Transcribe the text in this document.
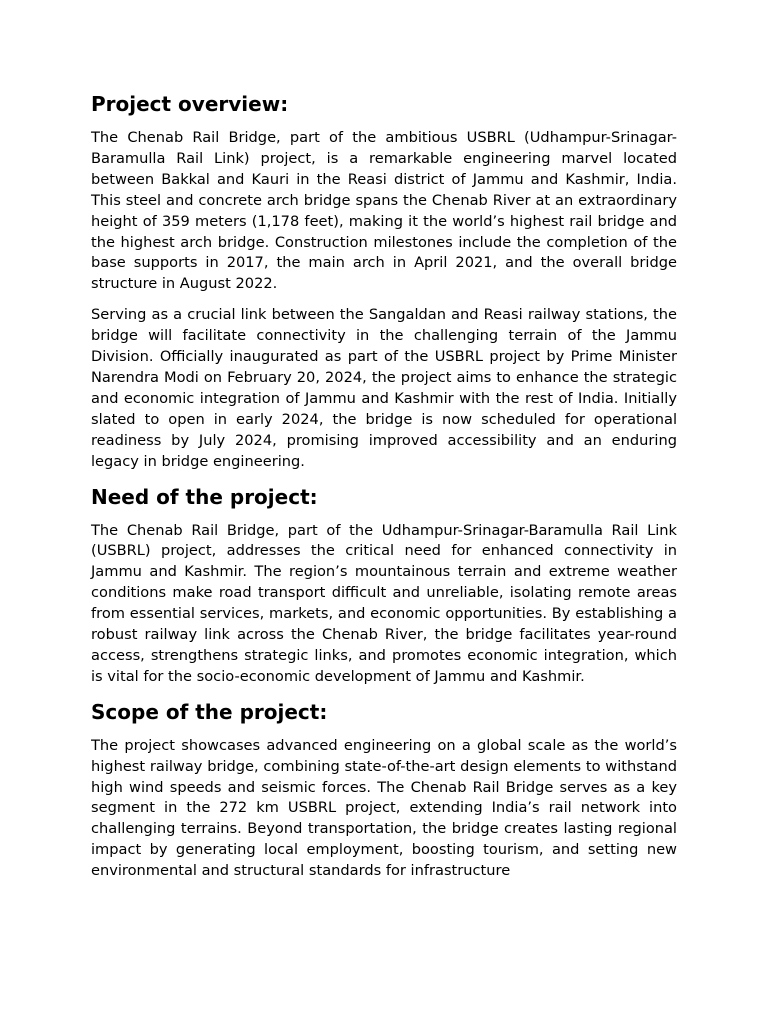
Project overview:

The Chenab Rail Bridge, part of the ambitious USBRL (Udhampur-Srinagar-Baramulla Rail Link) project, is a remarkable engineering marvel located between Bakkal and Kauri in the Reasi district of Jammu and Kashmir, India. This steel and concrete arch bridge spans the Chenab River at an extraordinary height of 359 meters (1,178 feet), making it the world’s highest rail bridge and the highest arch bridge. Construction milestones include the completion of the base supports in 2017, the main arch in April 2021, and the overall bridge structure in August 2022.

Serving as a crucial link between the Sangaldan and Reasi railway stations, the bridge will facilitate connectivity in the challenging terrain of the Jammu Division. Officially inaugurated as part of the USBRL project by Prime Minister Narendra Modi on February 20, 2024, the project aims to enhance the strategic and economic integration of Jammu and Kashmir with the rest of India. Initially slated to open in early 2024, the bridge is now scheduled for operational readiness by July 2024, promising improved accessibility and an enduring legacy in bridge engineering.

Need of the project:

The Chenab Rail Bridge, part of the Udhampur-Srinagar-Baramulla Rail Link (USBRL) project, addresses the critical need for enhanced connectivity in Jammu and Kashmir. The region’s mountainous terrain and extreme weather conditions make road transport difficult and unreliable, isolating remote areas from essential services, markets, and economic opportunities. By establishing a robust railway link across the Chenab River, the bridge facilitates year-round access, strengthens strategic links, and promotes economic integration, which is vital for the socio-economic development of Jammu and Kashmir.

Scope of the project:

The project showcases advanced engineering on a global scale as the world’s highest railway bridge, combining state-of-the-art design elements to withstand high wind speeds and seismic forces. The Chenab Rail Bridge serves as a key segment in the 272 km USBRL project, extending India’s rail network into challenging terrains. Beyond transportation, the bridge creates lasting regional impact by generating local employment, boosting tourism, and setting new environmental and structural standards for infrastructure
